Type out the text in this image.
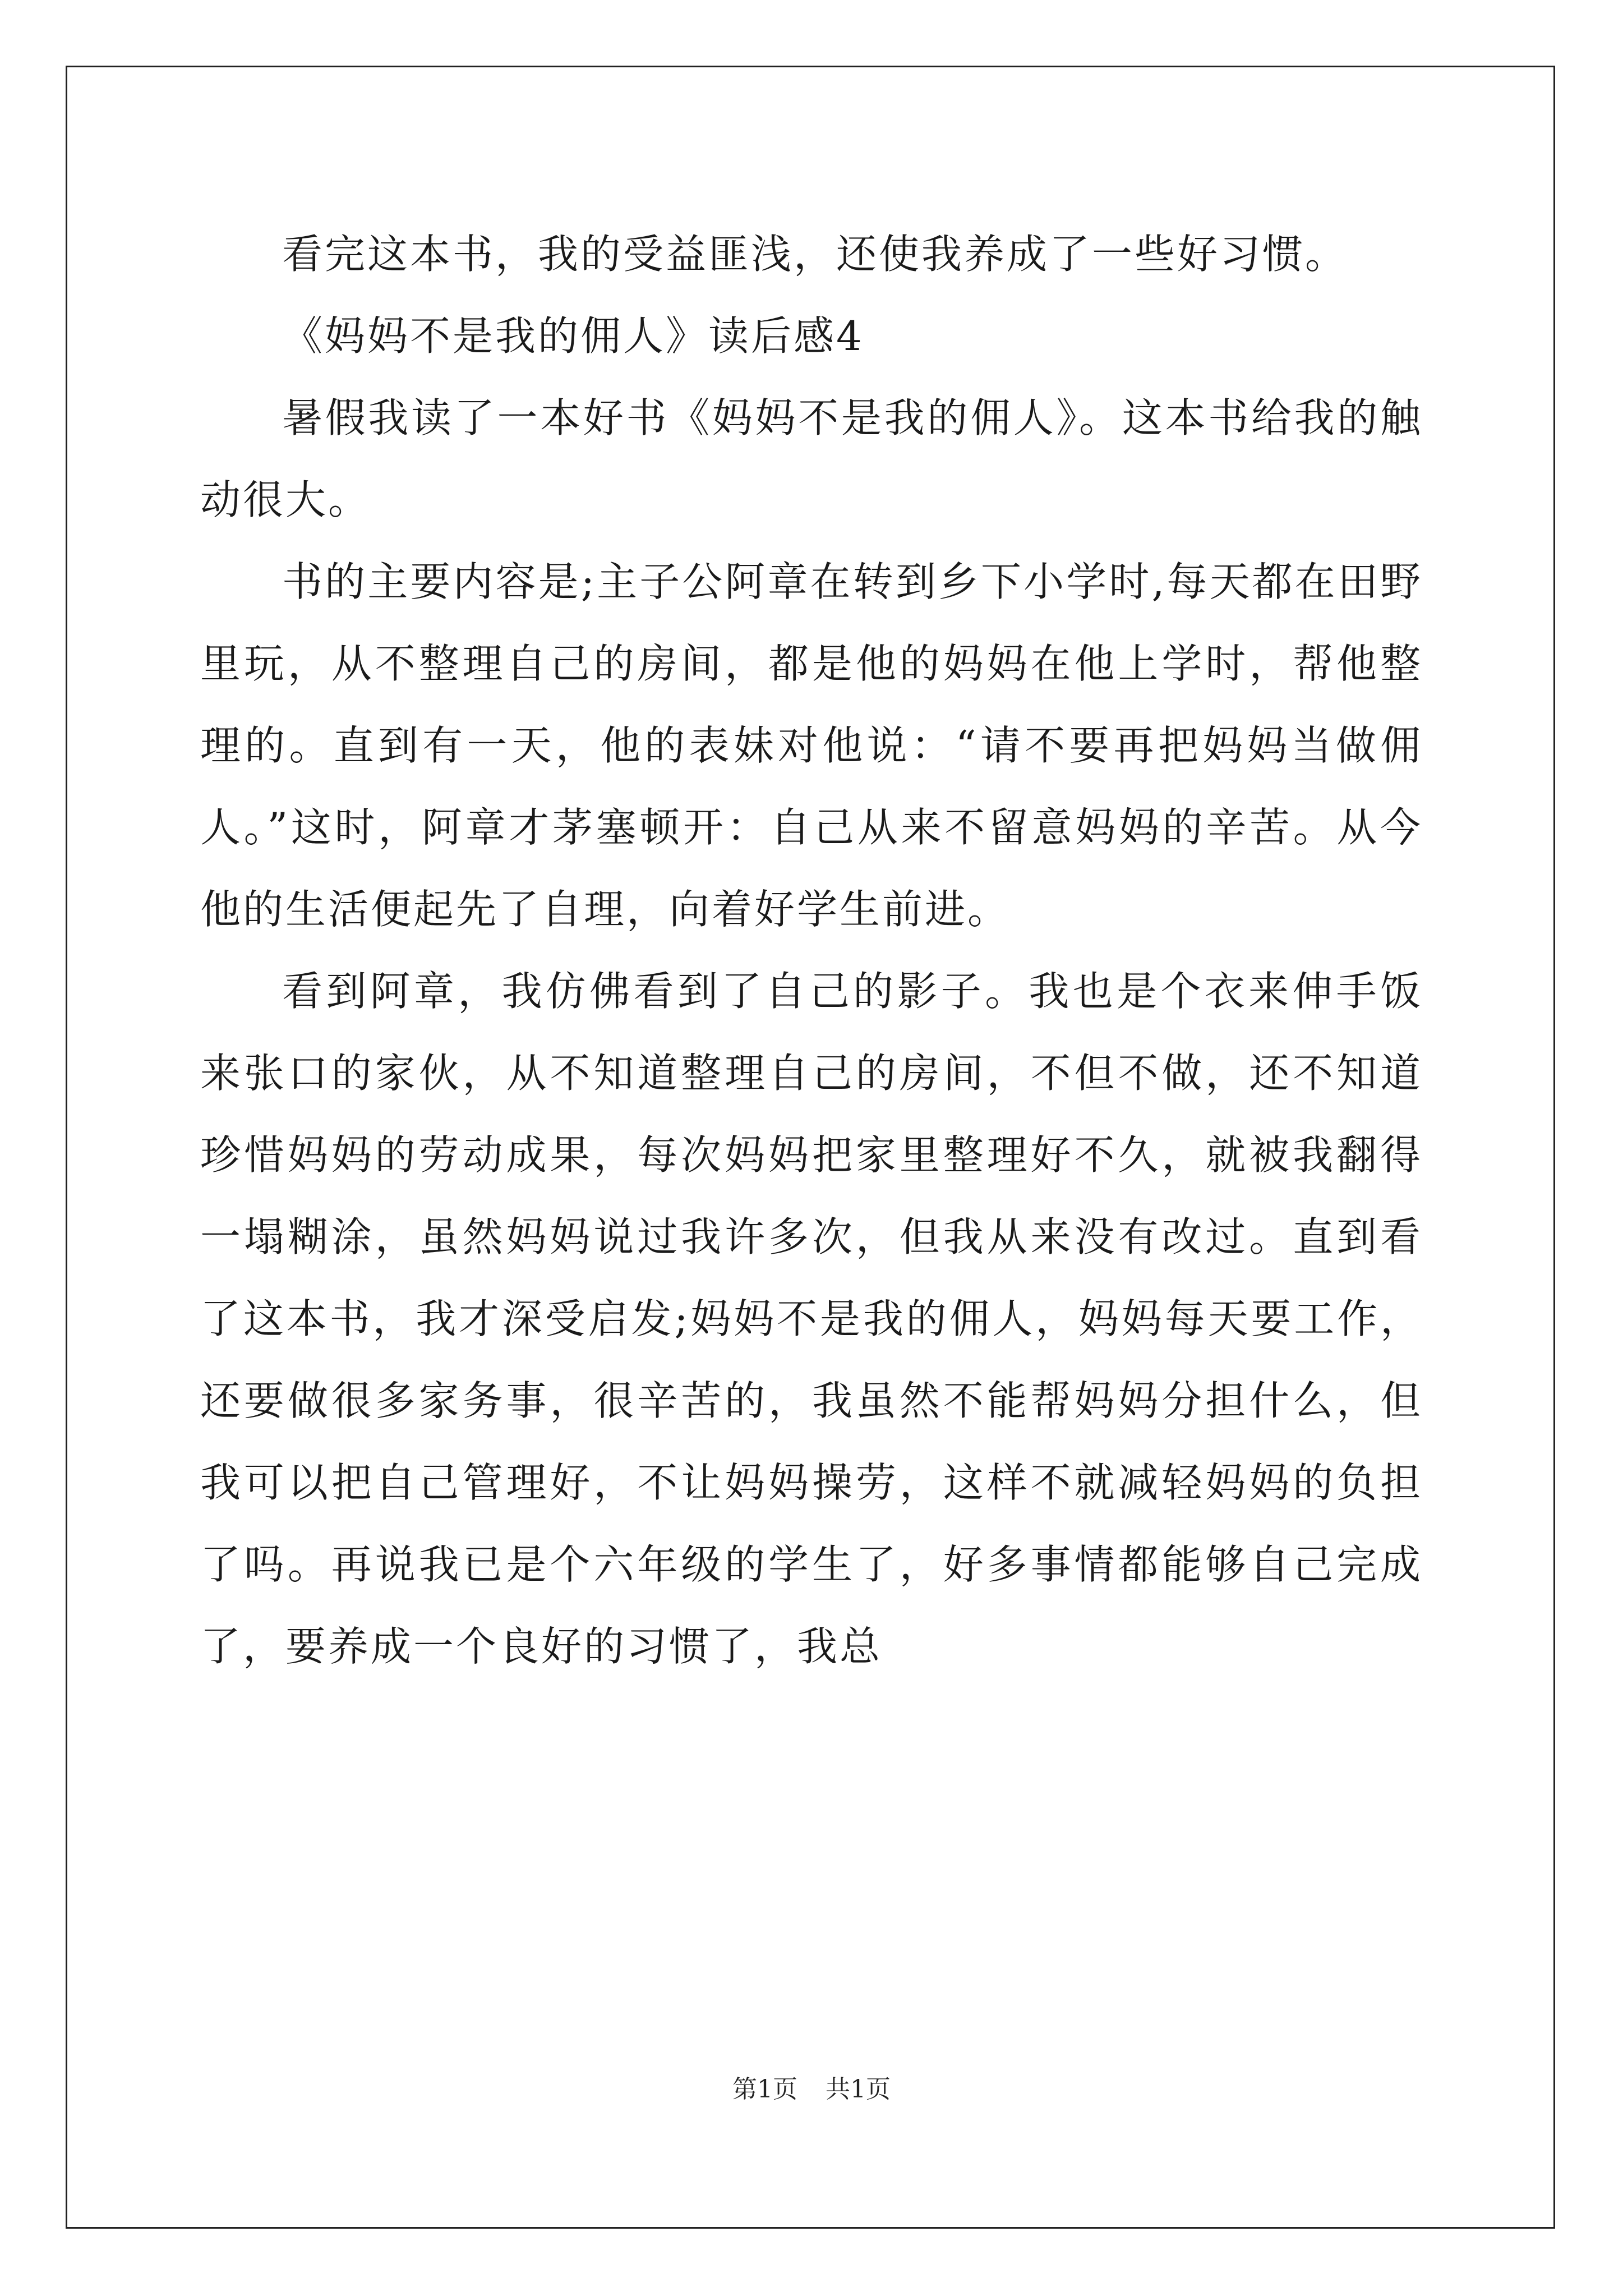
看完这本书，我的受益匪浅，还使我养成了一些好习惯。

《妈妈不是我的佣人》读后感4

暑假我读了一本好书《妈妈不是我的佣人》。这本书给我的触动很大。

书的主要内容是;主子公阿章在转到乡下小学时,每天都在田野里玩，从不整理自己的房间，都是他的妈妈在他上学时，帮他整理的。直到有一天，他的表妹对他说：“请不要再把妈妈当做佣人。”这时，阿章才茅塞顿开：自己从来不留意妈妈的辛苦。从今他的生活便起先了自理，向着好学生前进。

看到阿章，我仿佛看到了自己的影子。我也是个衣来伸手饭来张口的家伙，从不知道整理自己的房间，不但不做，还不知道珍惜妈妈的劳动成果，每次妈妈把家里整理好不久，就被我翻得一塌糊涂，虽然妈妈说过我许多次，但我从来没有改过。直到看了这本书，我才深受启发;妈妈不是我的佣人，妈妈每天要工作，还要做很多家务事，很辛苦的，我虽然不能帮妈妈分担什么，但我可以把自己管理好，不让妈妈操劳，这样不就减轻妈妈的负担了吗。再说我已是个六年级的学生了，好多事情都能够自己完成了，要养成一个良好的习惯了，我总

第1页 共1页
